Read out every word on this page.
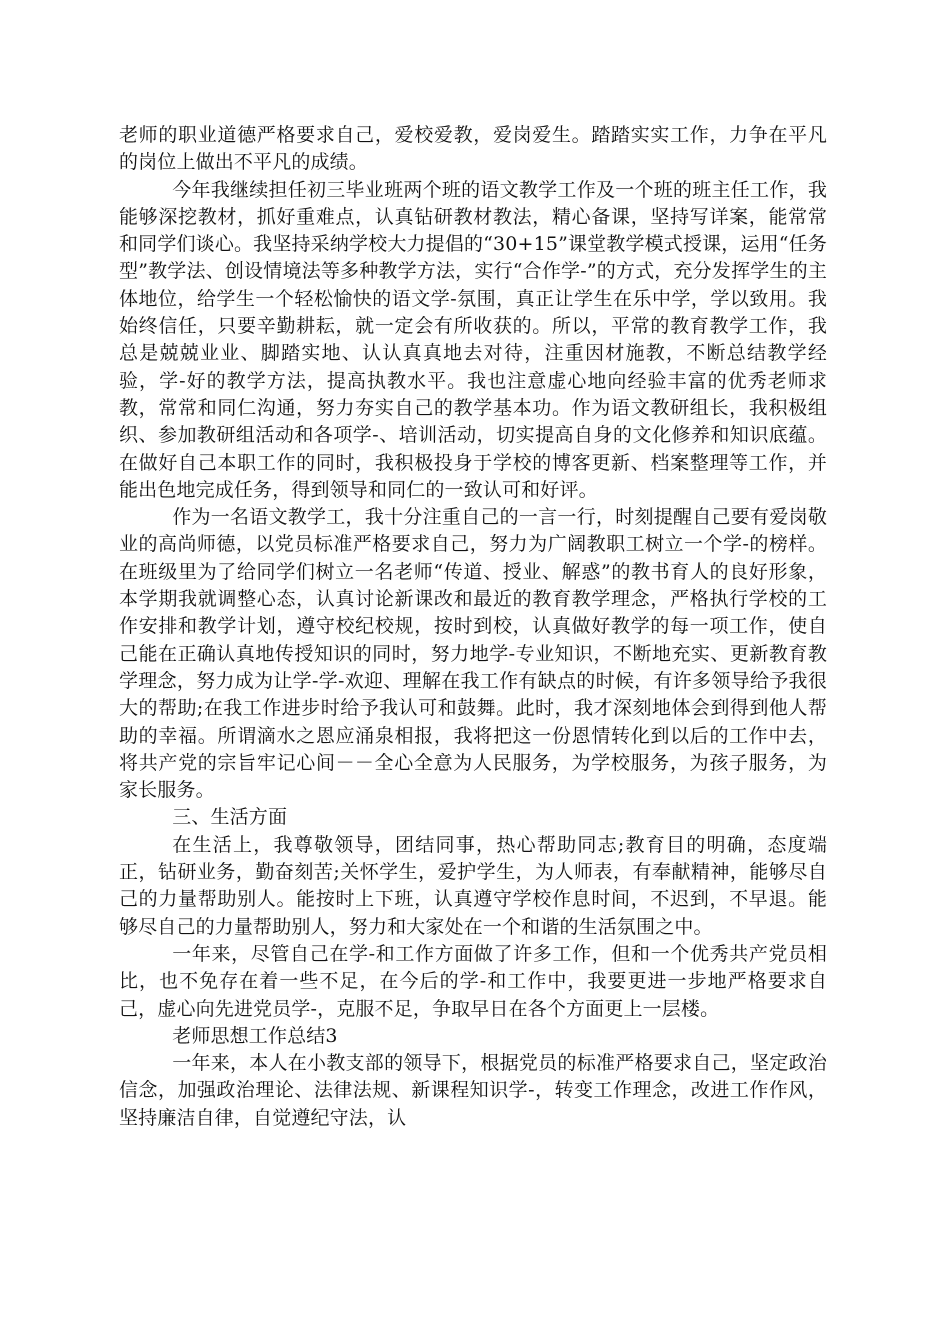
老师的职业道德严格要求自己，爱校爱教，爱岗爱生。踏踏实实工作，力争在平凡的岗位上做出不平凡的成绩。

今年我继续担任初三毕业班两个班的语文教学工作及一个班的班主任工作，我能够深挖教材，抓好重难点，认真钻研教材教法，精心备课，坚持写详案，能常常和同学们谈心。我坚持采纳学校大力提倡的“30+15”课堂教学模式授课，运用“任务型”教学法、创设情境法等多种教学方法，实行“合作学-”的方式，充分发挥学生的主体地位，给学生一个轻松愉快的语文学-氛围，真正让学生在乐中学，学以致用。我始终信任，只要辛勤耕耘，就一定会有所收获的。所以，平常的教育教学工作，我总是兢兢业业、脚踏实地、认认真真地去对待，注重因材施教，不断总结教学经验，学-好的教学方法，提高执教水平。我也注意虚心地向经验丰富的优秀老师求教，常常和同仁沟通，努力夯实自己的教学基本功。作为语文教研组长，我积极组织、参加教研组活动和各项学-、培训活动，切实提高自身的文化修养和知识底蕴。在做好自己本职工作的同时，我积极投身于学校的博客更新、档案整理等工作，并能出色地完成任务，得到领导和同仁的一致认可和好评。

作为一名语文教学工，我十分注重自己的一言一行，时刻提醒自己要有爱岗敬业的高尚师德，以党员标准严格要求自己，努力为广阔教职工树立一个学-的榜样。在班级里为了给同学们树立一名老师“传道、授业、解惑”的教书育人的良好形象，本学期我就调整心态，认真讨论新课改和最近的教育教学理念，严格执行学校的工作安排和教学计划，遵守校纪校规，按时到校，认真做好教学的每一项工作，使自己能在正确认真地传授知识的同时，努力地学-专业知识，不断地充实、更新教育教学理念，努力成为让学-学-欢迎、理解在我工作有缺点的时候，有许多领导给予我很大的帮助;在我工作进步时给予我认可和鼓舞。此时，我才深刻地体会到得到他人帮助的幸福。所谓滴水之恩应涌泉相报，我将把这一份恩情转化到以后的工作中去，将共产党的宗旨牢记心间－－全心全意为人民服务，为学校服务，为孩子服务，为家长服务。

三、生活方面

在生活上，我尊敬领导，团结同事，热心帮助同志;教育目的明确，态度端正，钻研业务，勤奋刻苦;关怀学生，爱护学生，为人师表，有奉献精神，能够尽自己的力量帮助别人。能按时上下班，认真遵守学校作息时间，不迟到，不早退。能够尽自己的力量帮助别人，努力和大家处在一个和谐的生活氛围之中。

一年来，尽管自己在学-和工作方面做了许多工作，但和一个优秀共产党员相比，也不免存在着一些不足，在今后的学-和工作中，我要更进一步地严格要求自己，虚心向先进党员学-，克服不足，争取早日在各个方面更上一层楼。

老师思想工作总结3

一年来，本人在小教支部的领导下，根据党员的标准严格要求自己，坚定政治信念，加强政治理论、法律法规、新课程知识学-，转变工作理念，改进工作作风，坚持廉洁自律，自觉遵纪守法，认
